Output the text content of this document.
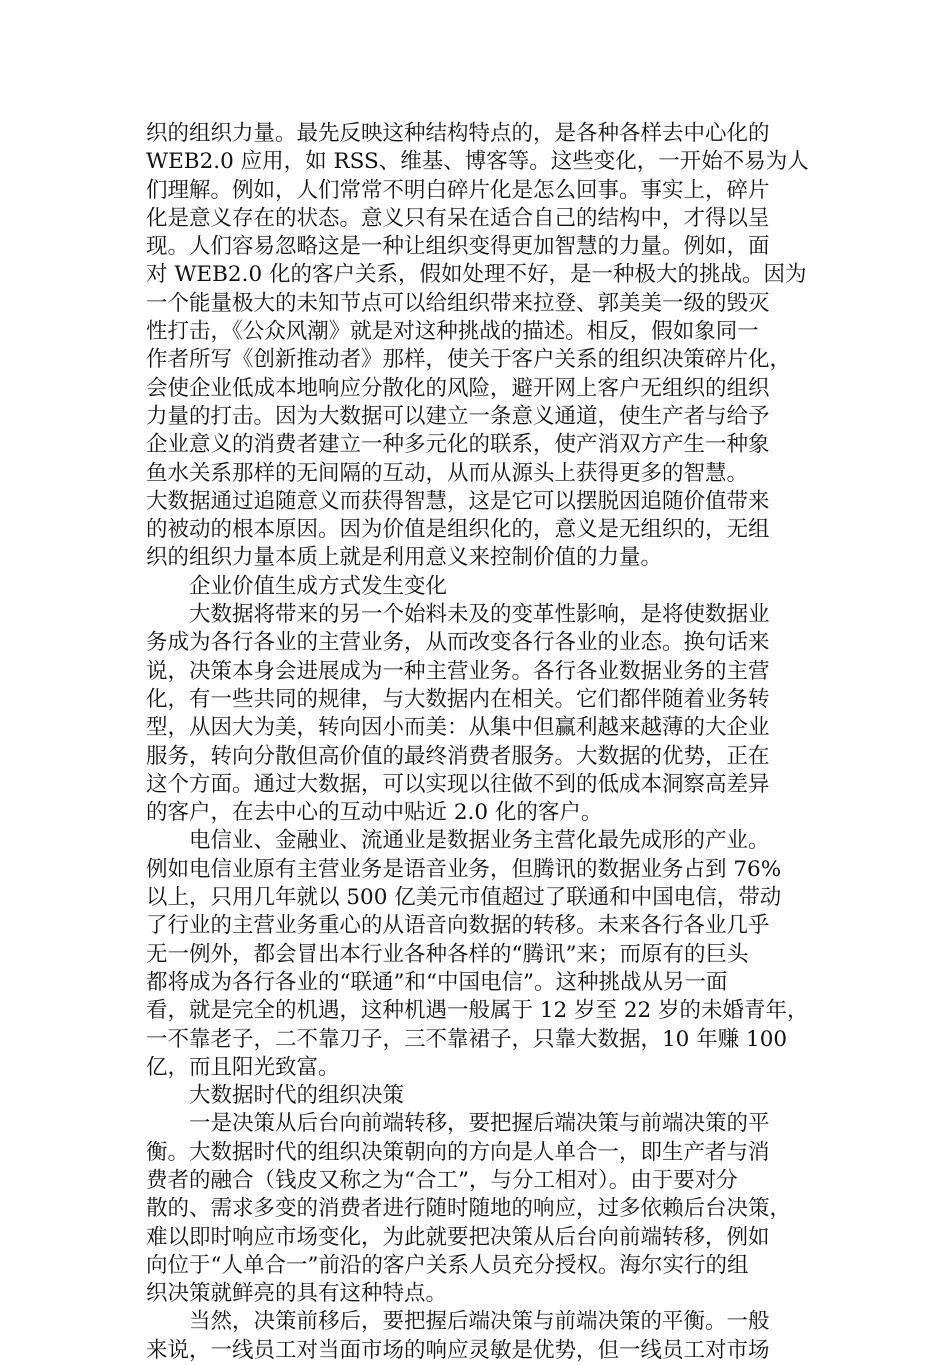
织的组织力量。最先反映这种结构特点的，是各种各样去中心化的
WEB2.0 应用，如 RSS、维基、博客等。这些变化，一开始不易为人
们理解。例如，人们常常不明白碎片化是怎么回事。事实上，碎片
化是意义存在的状态。意义只有呆在适合自己的结构中，才得以呈
现。人们容易忽略这是一种让组织变得更加智慧的力量。例如，面
对 WEB2.0 化的客户关系，假如处理不好，是一种极大的挑战。因为
一个能量极大的未知节点可以给组织带来拉登、郭美美一级的毁灭
性打击，《公众风潮》就是对这种挑战的描述。相反，假如象同一
作者所写《创新推动者》那样，使关于客户关系的组织决策碎片化，
会使企业低成本地响应分散化的风险，避开网上客户无组织的组织
力量的打击。因为大数据可以建立一条意义通道，使生产者与给予
企业意义的消费者建立一种多元化的联系，使产消双方产生一种象
鱼水关系那样的无间隔的互动，从而从源头上获得更多的智慧。
大数据通过追随意义而获得智慧，这是它可以摆脱因追随价值带来
的被动的根本原因。因为价值是组织化的，意义是无组织的，无组
织的组织力量本质上就是利用意义来控制价值的力量。
企业价值生成方式发生变化
大数据将带来的另一个始料未及的变革性影响，是将使数据业
务成为各行各业的主营业务，从而改变各行各业的业态。换句话来
说，决策本身会进展成为一种主营业务。各行各业数据业务的主营
化，有一些共同的规律，与大数据内在相关。它们都伴随着业务转
型，从因大为美，转向因小而美：从集中但赢利越来越薄的大企业
服务，转向分散但高价值的最终消费者服务。大数据的优势，正在
这个方面。通过大数据，可以实现以往做不到的低成本洞察高差异
的客户，在去中心的互动中贴近 2.0 化的客户。
电信业、金融业、流通业是数据业务主营化最先成形的产业。
例如电信业原有主营业务是语音业务，但腾讯的数据业务占到 76%
以上，只用几年就以 500 亿美元市值超过了联通和中国电信，带动
了行业的主营业务重心的从语音向数据的转移。未来各行各业几乎
无一例外，都会冒出本行业各种各样的“腾讯”来；而原有的巨头
都将成为各行各业的“联通”和“中国电信”。这种挑战从另一面
看，就是完全的机遇，这种机遇一般属于 12 岁至 22 岁的未婚青年，
一不靠老子，二不靠刀子，三不靠裙子，只靠大数据，10 年赚 100
亿，而且阳光致富。
大数据时代的组织决策
一是决策从后台向前端转移，要把握后端决策与前端决策的平
衡。大数据时代的组织决策朝向的方向是人单合一，即生产者与消
费者的融合（钱皮又称之为“合工”，与分工相对）。由于要对分
散的、需求多变的消费者进行随时随地的响应，过多依赖后台决策，
难以即时响应市场变化，为此就要把决策从后台向前端转移，例如
向位于“人单合一”前沿的客户关系人员充分授权。海尔实行的组
织决策就鲜亮的具有这种特点。
当然，决策前移后，要把握后端决策与前端决策的平衡。一般
来说，一线员工对当面市场的响应灵敏是优势，但一线员工对市场
